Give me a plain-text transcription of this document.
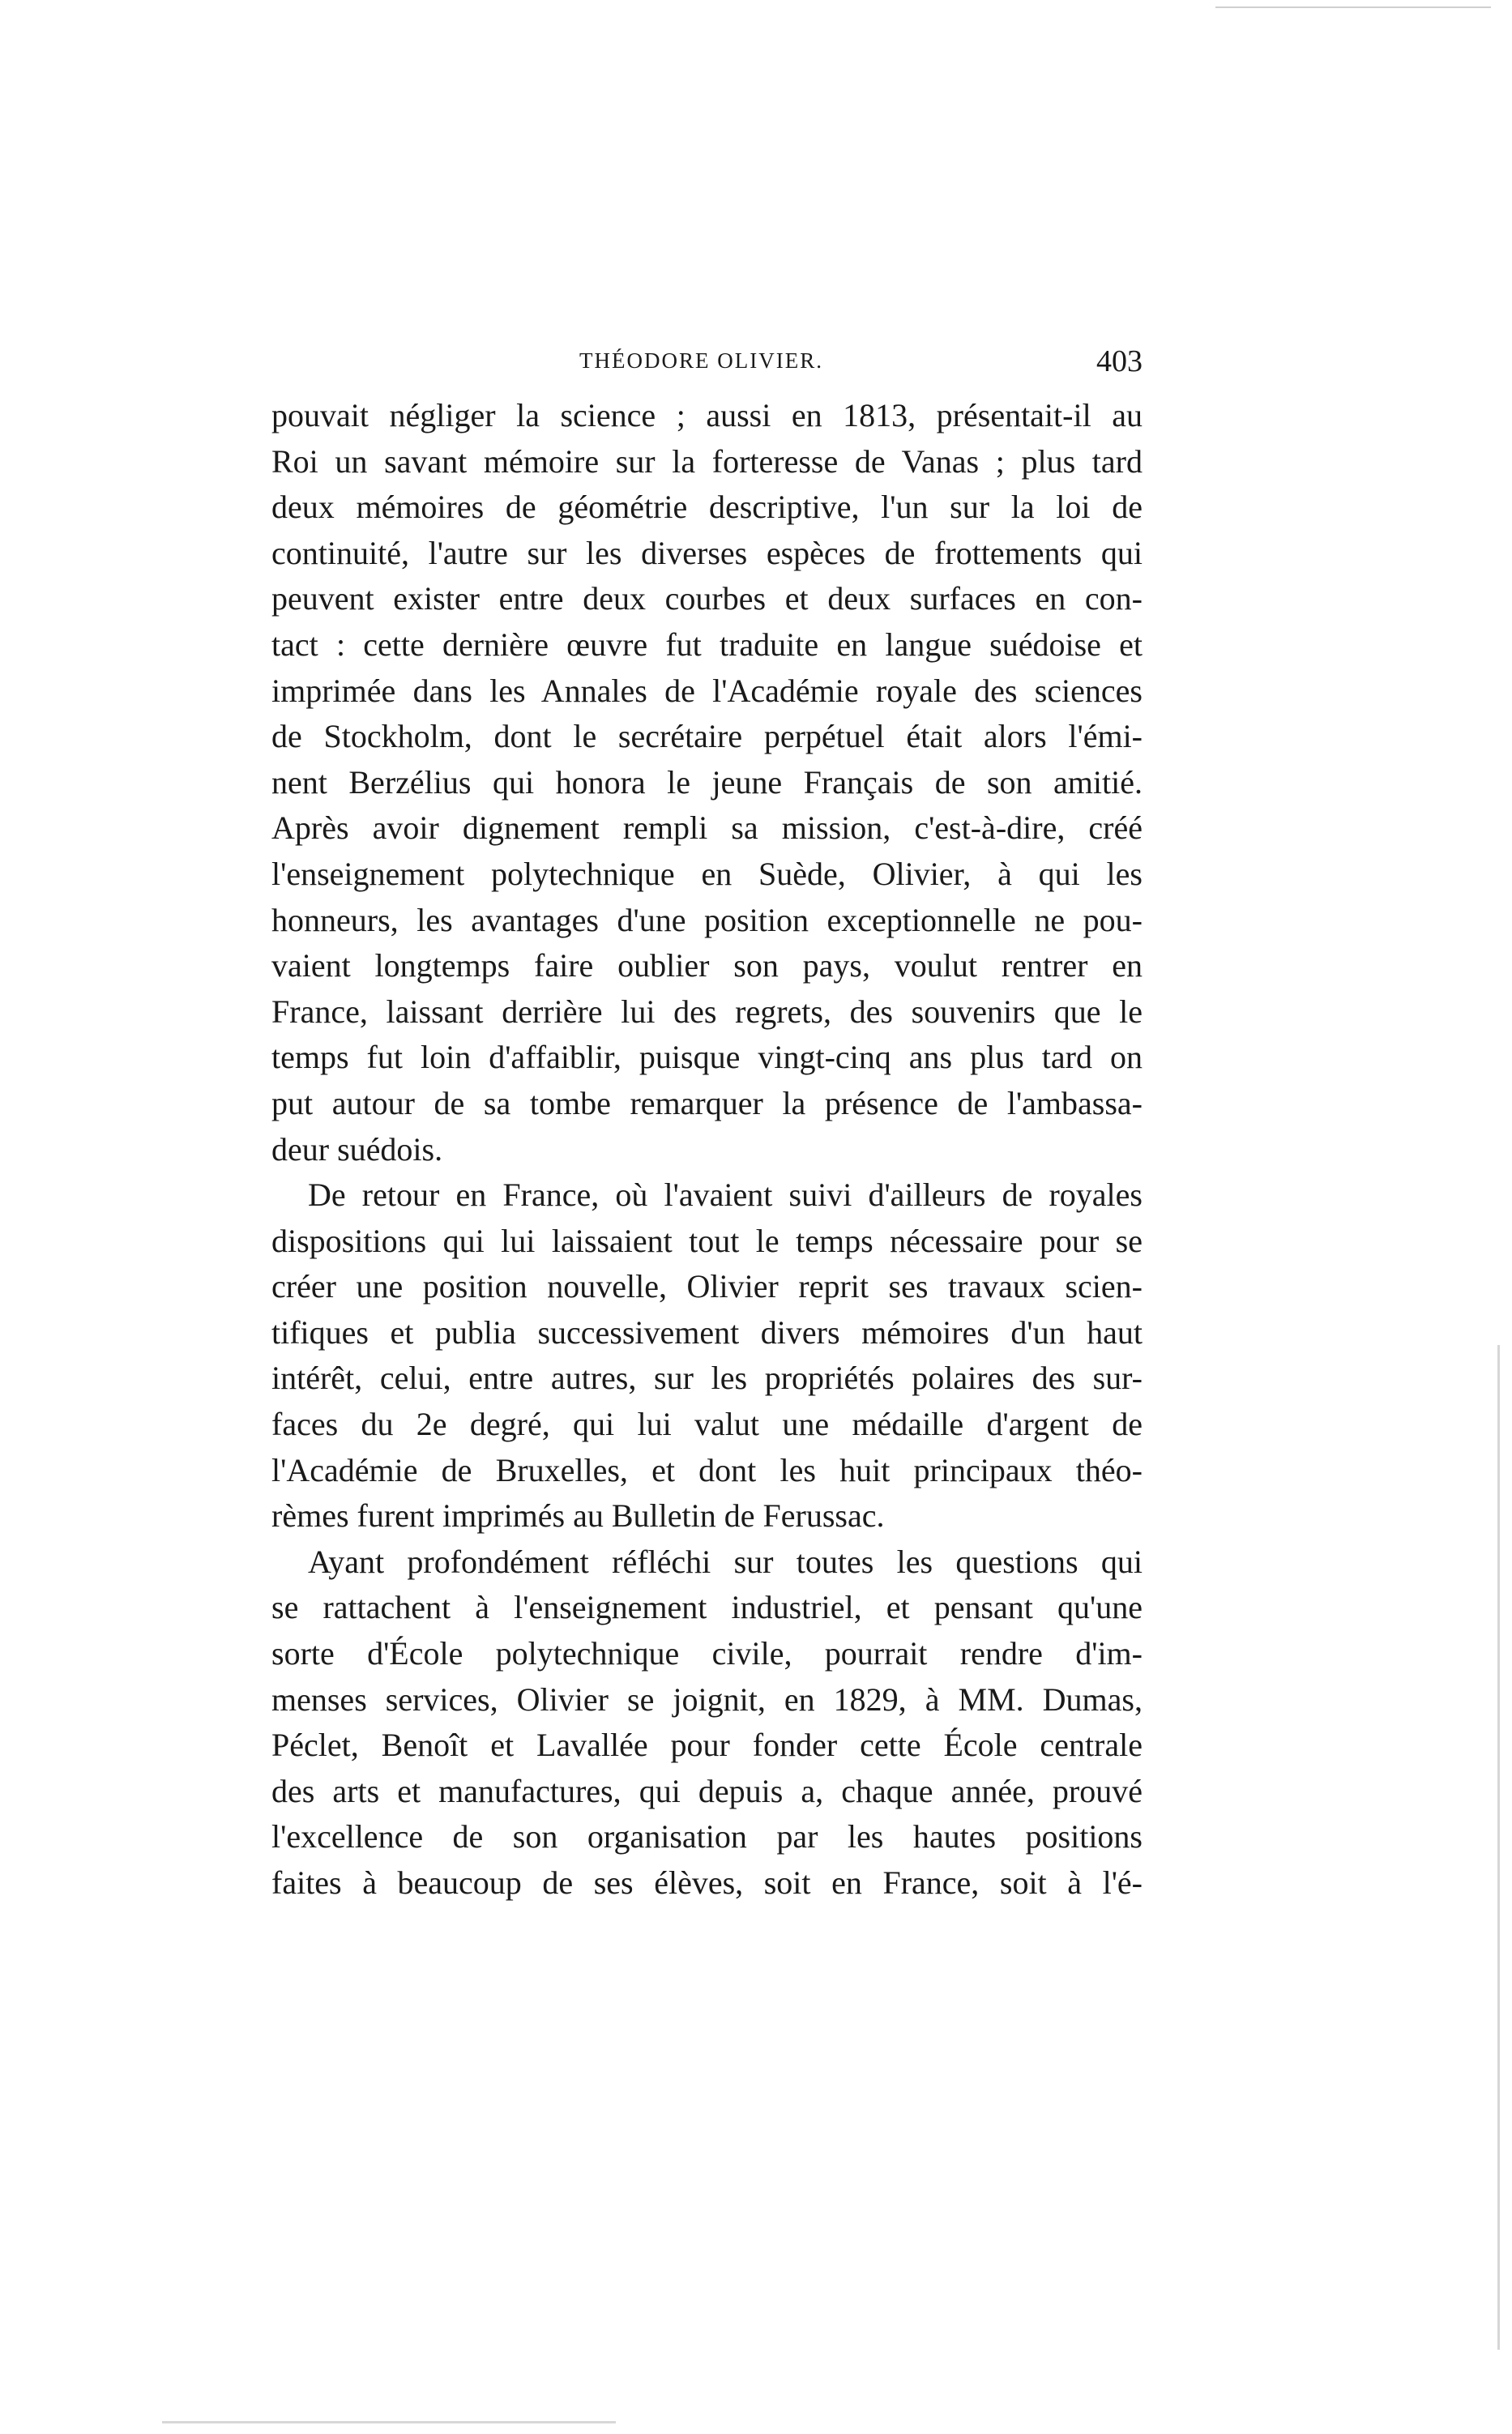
THÉODORE OLIVIER.	403
pouvait négliger la science ; aussi en 1813, présentait-il au
Roi un savant mémoire sur la forteresse de Vanas ; plus tard
deux mémoires de géométrie descriptive, l'un sur la loi de
continuité, l'autre sur les diverses espèces de frottements qui
peuvent exister entre deux courbes et deux surfaces en con-
tact : cette dernière œuvre fut traduite en langue suédoise et
imprimée dans les Annales de l'Académie royale des sciences
de Stockholm, dont le secrétaire perpétuel était alors l'émi-
nent Berzélius qui honora le jeune Français de son amitié.
Après avoir dignement rempli sa mission, c'est-à-dire, créé
l'enseignement polytechnique en Suède, Olivier, à qui les
honneurs, les avantages d'une position exceptionnelle ne pou-
vaient longtemps faire oublier son pays, voulut rentrer en
France, laissant derrière lui des regrets, des souvenirs que le
temps fut loin d'affaiblir, puisque vingt-cinq ans plus tard on
put autour de sa tombe remarquer la présence de l'ambassa-
deur suédois.
De retour en France, où l'avaient suivi d'ailleurs de royales
dispositions qui lui laissaient tout le temps nécessaire pour se
créer une position nouvelle, Olivier reprit ses travaux scien-
tifiques et publia successivement divers mémoires d'un haut
intérêt, celui, entre autres, sur les propriétés polaires des sur-
faces du 2e degré, qui lui valut une médaille d'argent de
l'Académie de Bruxelles, et dont les huit principaux théo-
rèmes furent imprimés au Bulletin de Ferussac.
Ayant profondément réfléchi sur toutes les questions qui
se rattachent à l'enseignement industriel, et pensant qu'une
sorte d'École polytechnique civile, pourrait rendre d'im-
menses services, Olivier se joignit, en 1829, à MM. Dumas,
Péclet, Benoît et Lavallée pour fonder cette École centrale
des arts et manufactures, qui depuis a, chaque année, prouvé
l'excellence de son organisation par les hautes positions
faites à beaucoup de ses élèves, soit en France, soit à l'é-
